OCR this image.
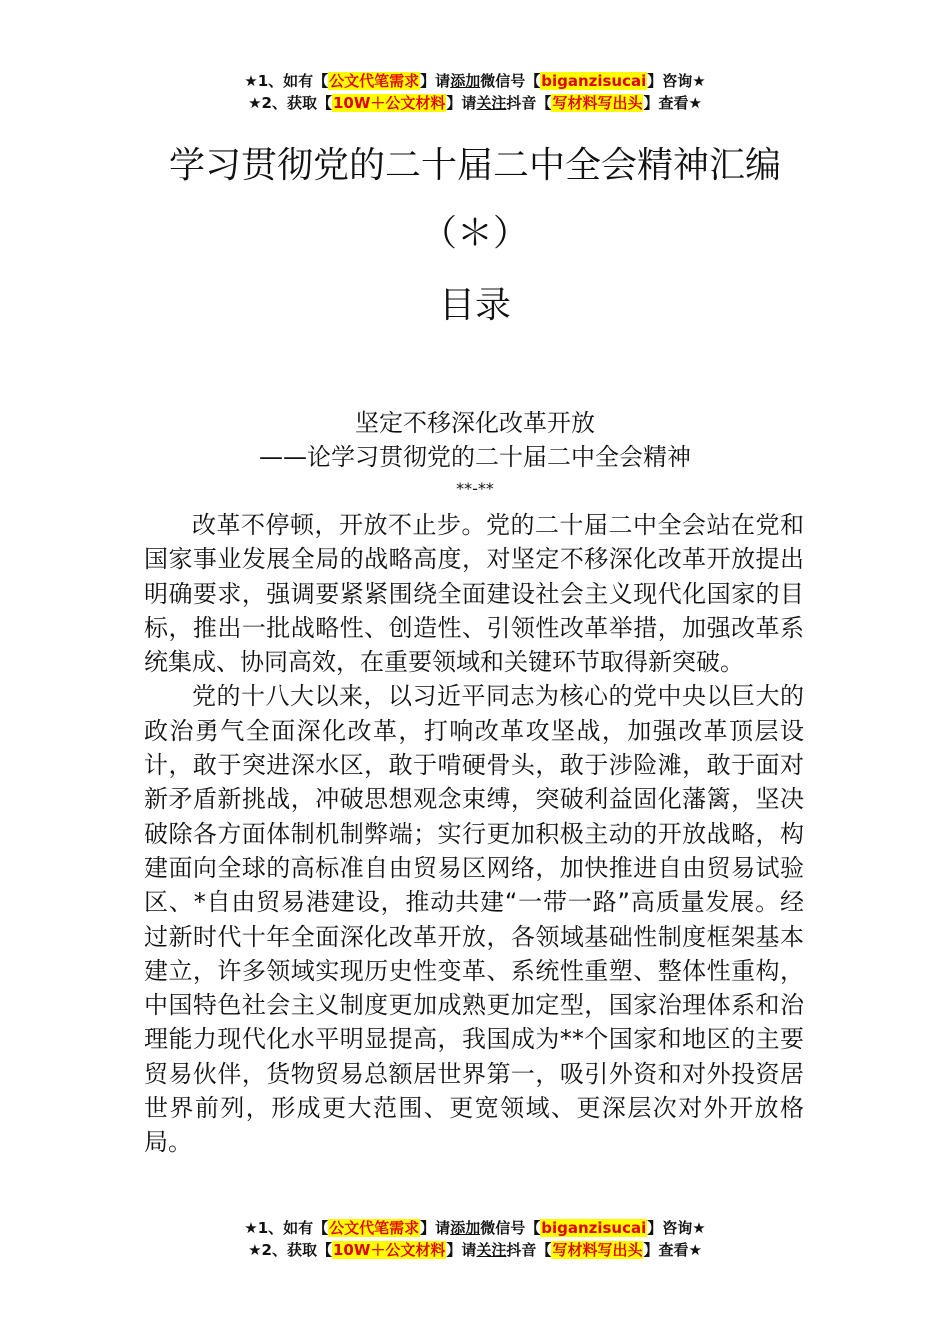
★1、如有【公文代笔需求】请添加微信号【biganzisucai】咨询★
★2、获取【10W＋公文材料】请关注抖音【写材料写出头】查看★
学习贯彻党的二十届二中全会精神汇编
（＊）
目录
坚定不移深化改革开放
——论学习贯彻党的二十届二中全会精神
**-**

改革不停顿，开放不止步。党的二十届二中全会站在党和国家事业发展全局的战略高度，对坚定不移深化改革开放提出明确要求，强调要紧紧围绕全面建设社会主义现代化国家的目标，推出一批战略性、创造性、引领性改革举措，加强改革系统集成、协同高效，在重要领域和关键环节取得新突破。

党的十八大以来，以习近平同志为核心的党中央以巨大的政治勇气全面深化改革，打响改革攻坚战，加强改革顶层设计，敢于突进深水区，敢于啃硬骨头，敢于涉险滩，敢于面对新矛盾新挑战，冲破思想观念束缚，突破利益固化藩篱，坚决破除各方面体制机制弊端；实行更加积极主动的开放战略，构建面向全球的高标准自由贸易区网络，加快推进自由贸易试验区、*自由贸易港建设，推动共建“一带一路”高质量发展。经过新时代十年全面深化改革开放，各领域基础性制度框架基本建立，许多领域实现历史性变革、系统性重塑、整体性重构，中国特色社会主义制度更加成熟更加定型，国家治理体系和治理能力现代化水平明显提高，我国成为**个国家和地区的主要贸易伙伴，货物贸易总额居世界第一，吸引外资和对外投资居世界前列，形成更大范围、更宽领域、更深层次对外开放格局。

★1、如有【公文代笔需求】请添加微信号【biganzisucai】咨询★
★2、获取【10W＋公文材料】请关注抖音【写材料写出头】查看★
